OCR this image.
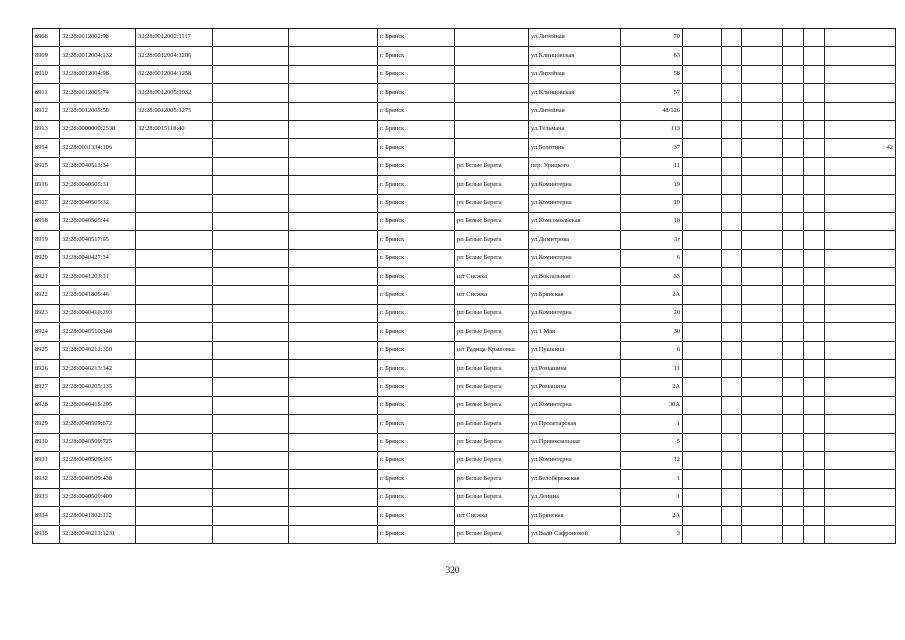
8908	32:28:0012002:98	32:28:0012002:1117			г. Брянск		ул.Литейная	70						
8909	32:28:0012004:132	32:28:0012004:1206			г. Брянск		ул.Клинцовская	63						
8910	32:28:0012004:98	32:28:0012004:1258			г. Брянск		ул.Литейная	58						
8911	32:28:0012005:74	32:28:0012005:1032			г. Брянск		ул.Клинцовская	57						
8912	32:28:0012005:58	32:28:0012005:1275			г. Брянск		ул.Литейная	48/126						
8913	32:28:0000000:2538	32:28:0015118:40			г. Брянск		ул.Тельмана	113						
8914	32:28:0031334:106				г. Брянск		ул.Болотниь	37						42
8915	32:28:0040513:34				г. Брянск	рп Белые Берега	пер. Урицкого	11						
8916	32:28:0040505:31				г. Брянск	рп Белые Берега	ул.Коминтерна	19						
8917	32:28:0040505:32				г. Брянск	рп Белые Берега	ул.Коминтерна	19						
8918	32:28:0040505:44				г. Брянск	рп Белые Берега	ул.Комсомольская	18						
8919	32:28:0040517:95				г. Брянск	рп Белые Берега	ул.Димитрова	3г						
8920	32:28:0040427:34				г. Брянск	рп Белые Берега	ул.Коминтерна	6						
8921	32:28:0041203:31				г. Брянск	шт Снежка	ул.Вокзальная	33						
8922	32:28:0041805:46				г. Брянск	шт Снежка	ул.Брянская	2А						
8923	32:28:0040410:293				г. Брянск	рп Белые Берега	ул.Коминтерна	20						
8924	32:28:0040510:148				г. Брянск	рп Белые Берега	ул.1 Мая	30						
8925	32:28:0040212:350				г. Брянск	шт Радица-Крыловка	ул.Пушкина	6						
8926	32:28:0040213:342				г. Брянск	рп Белые Берега	ул.Ромашина	11						
8927	32:28:0040205:135				г. Брянск	рп Белые Берега	ул.Ромашина	2А						
8928	32:28:0040415:205				г. Брянск	рп Белые Берега	ул.Коминтерна	30А						
8929	32:28:0040509:672				г. Брянск	рп Белые Берега	ул.Пролетарская	1						
8930	32:28:0040509:725				г. Брянск	рп Белые Берега	ул.Привокзальная	5						
8931	32:28:0040509:355				г. Брянск	рп Белые Берега	ул.Коминтерна	12						
8932	32:28:0040509:438				г. Брянск	рп Белые Берега	ул.Белобережская	1						
8933	32:28:0040509:409				г. Брянск	рп Белые Берега	ул.Ленина	1						
8934	32:28:0041802:112				г. Брянск	шт Снежка	ул.Брянская	2А						
8935	32:28:0040213:1231				г. Брянск	рп Белые Берега	ул.Вали Сафроновой	3						
320
